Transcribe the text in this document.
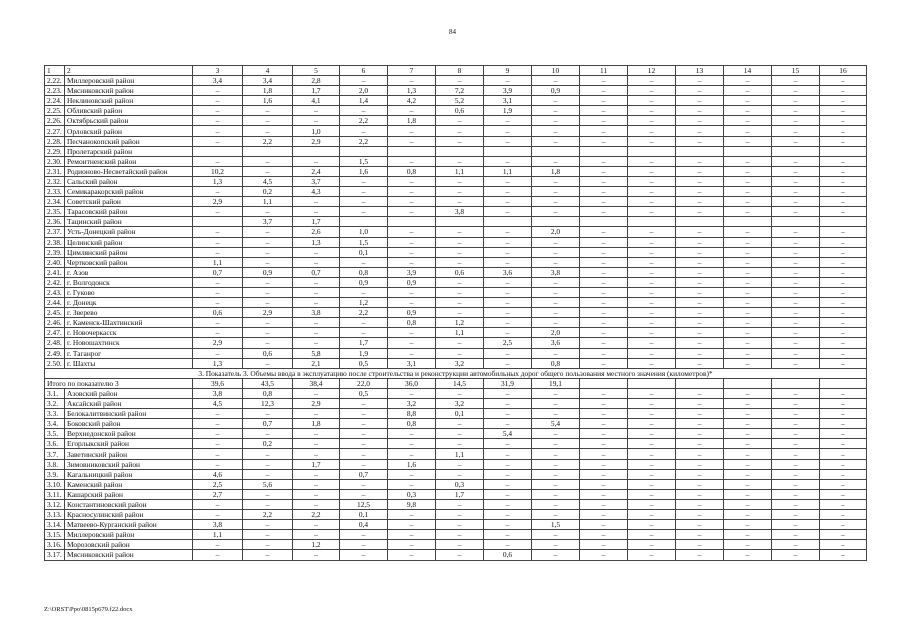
84
1	2	3	4	5	6	7	8	9	10	11	12	13	14	15	16
2.22.	Миллеровский район	3,4	3,4	2,8	–	–	–	–	–	–	–	–	–	–	–
2.23.	Мясниковский район	–	1,8	1,7	2,0	1,3	7,2	3,9	0,9	–	–	–	–	–	–
2.24.	Неклиновский район	–	1,6	4,1	1,4	4,2	5,2	3,1	–	–	–	–	–	–	–
2.25.	Обливский район	–	–	–	–	–	0,6	1,9	–	–	–	–	–	–	–
2.26.	Октябрьский район	–	–	–	2,2	1,8	–	–	–	–	–	–	–	–	–
2.27.	Орловский район	–	–	1,0	–	–	–	–	–	–	–	–	–	–	–
2.28.	Песчанокопский район	–	2,2	2,9	2,2	–	–	–	–	–	–	–	–	–	–
2.29.	Пролетарский район														
2.30.	Ремонтненский район	–	–	–	1,5	–	–	–	–	–	–	–	–	–	–
2.31.	Родионово-Несветайский район	10,2	–	2,4	1,6	0,8	1,1	1,1	1,8	–	–	–	–	–	–
2.32.	Сальский район	1,3	4,5	3,7	–	–	–	–	–	–	–	–	–	–	–
2.33.	Семикаракорский район	–	0,2	4,3	–	–	–	–	–	–	–	–	–	–	–
2.34.	Советский район	2,9	1,1	–	–	–	–	–	–	–	–	–	–	–	–
2.35.	Тарасовский район	–	–	–	–	–	3,8	–	–	–	–	–	–	–	–
2.36.	Тацинский район		3,7	1,7											
2.37.	Усть-Донецкий район	–	–	2,6	1,0	–	–	–	2,0	–	–	–	–	–	–
2.38.	Целинский район	–	–	1,3	1,5	–	–	–	–	–	–	–	–	–	–
2.39.	Цимлянский район	–	–	–	0,1	–	–	–	–	–	–	–	–	–	–
2.40.	Чертковский район	1,1	–	–	–	–	–	–	–	–	–	–	–	–	–
2.41.	г. Азов	0,7	0,9	0,7	0,8	3,9	0,6	3,6	3,8	–	–	–	–	–	–
2.42.	г. Волгодонск	–	–	–	0,9	0,9	–	–	–	–	–	–	–	–	–
2.43.	г. Гуково	–	–	–	–	–	–	–	–	–	–	–	–	–	–
2.44.	г. Донецк	–	–	–	1,2	–	–	–	–	–	–	–	–	–	–
2.45.	г. Зверево	0,6	2,9	3,8	2,2	0,9	–	–	–	–	–	–	–	–	–
2.46.	г. Каменск-Шахтинский	–	–	–	–	0,8	1,2	–	–	–	–	–	–	–	–
2.47.	г. Новочеркасск	–	–	–	–	–	1,1	–	2,0	–	–	–	–	–	–
2.48.	г. Новошахтинск	2,9	–	–	1,7	–	–	2,5	3,6	–	–	–	–	–	–
2.49.	г. Таганрог	–	0,6	5,8	1,9	–	–	–	–	–	–	–	–	–	–
2.50.	г. Шахты	1,3	–	2,1	0,5	3,1	3,2	–	0,8	–	–	–	–	–	–
3. Показатель 3. Объемы ввода в эксплуатацию после строительства и реконструкции автомобильных дорог общего пользования местного значения (километров)*															
Итого по показателю 3		39,6	43,5	38,4	22,0	36,0	14,5	31,9	19,1						
3.1.	Азовский район	3,8	0,8	–	0,5	–	–	–	–	–	–	–	–	–	–
3.2.	Аксайский район	4,5	12,3	2,9	–	3,2	3,2	–	–	–	–	–	–	–	–
3.3.	Белокалитвинский район	–	–	–	–	8,8	0,1	–	–	–	–	–	–	–	–
3.4.	Боковский район	–	0,7	1,8	–	0,8	–	–	5,4	–	–	–	–	–	–
3.5.	Верхнедонской район	–	–	–	–	–	–	5,4	–	–	–	–	–	–	–
3.6.	Егорлыкский район	–	0,2	–	–	–	–	–	–	–	–	–	–	–	–
3.7.	Заветинский район	–	–	–	–	–	1,1	–	–	–	–	–	–	–	–
3.8.	Зимовниковский район	–	–	1,7	–	1,6	–	–	–	–	–	–	–	–	–
3.9.	Кагальницкий район	4,6	–	–	0,7	–	–	–	–	–	–	–	–	–	–
3.10.	Каменский район	2,5	5,6	–	–	–	0,3	–	–	–	–	–	–	–	–
3.11.	Кашарский район	2,7	–	–	–	0,3	1,7	–	–	–	–	–	–	–	–
3.12.	Константиновский район	–	–	–	12,5	9,8	–	–	–	–	–	–	–	–	–
3.13.	Красносулинский район	–	2,2	2,2	0,1	–	–	–	–	–	–	–	–	–	–
3.14.	Матвеево-Курганский район	3,8	–	–	0,4	–	–	–	1,5	–	–	–	–	–	–
3.15.	Миллеровский район	1,1	–	–	–	–	–	–	–	–	–	–	–	–	–
3.16.	Морозовский район	–	–	1,2	–	–	–	–	–	–	–	–	–	–	–
3.17.	Мясниковский район	–	–	–	–	–	–	0,6	–	–	–	–	–	–	–
Z:\ORST\Ppo\0815p679.f22.docx
